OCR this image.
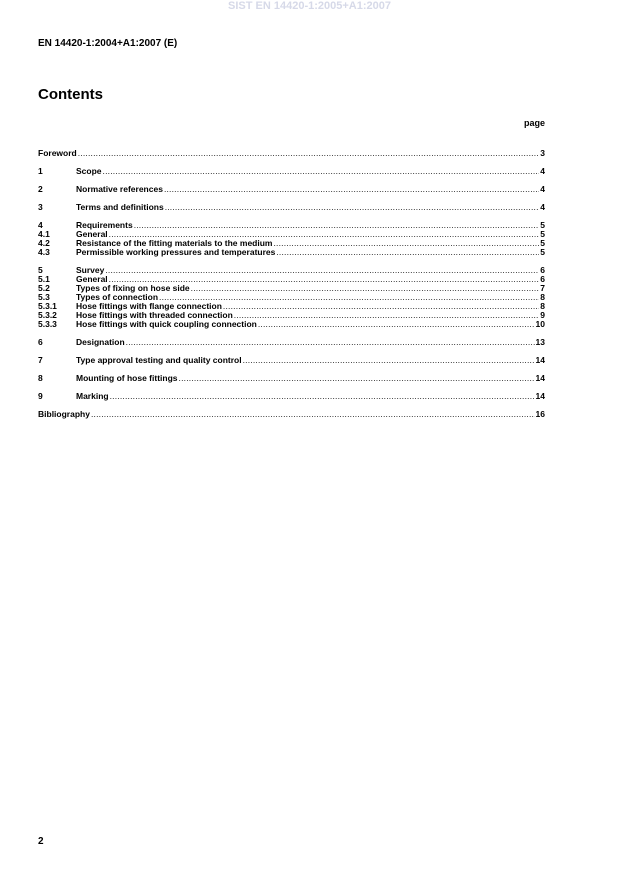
SIST EN 14420-1:2005+A1:2007
EN 14420-1:2004+A1:2007 (E)
Contents
page
Foreword .....	3
1	Scope .....	4
2	Normative references .....	4
3	Terms and definitions .....	4
4	Requirements .....	5
4.1	General .....	5
4.2	Resistance of the fitting materials to the medium .....	5
4.3	Permissible working pressures and temperatures .....	5
5	Survey .....	6
5.1	General .....	6
5.2	Types of fixing on hose side .....	7
5.3	Types of connection .....	8
5.3.1	Hose fittings with flange connection .....	8
5.3.2	Hose fittings with threaded connection .....	9
5.3.3	Hose fittings with quick coupling connection .....	10
6	Designation .....	13
7	Type approval testing and quality control .....	14
8	Mounting of hose fittings .....	14
9	Marking .....	14
Bibliography .....	16
2
